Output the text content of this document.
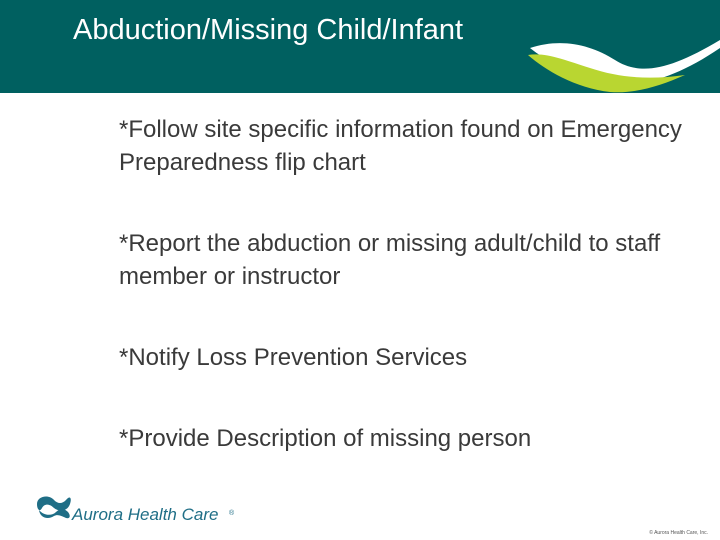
Abduction/Missing Child/Infant
*Follow site specific information found on Emergency Preparedness flip chart
*Report the abduction or missing adult/child to staff member or instructor
*Notify Loss Prevention Services
*Provide Description of missing person
Aurora Health Care ®
© Aurora Health Care, Inc.
